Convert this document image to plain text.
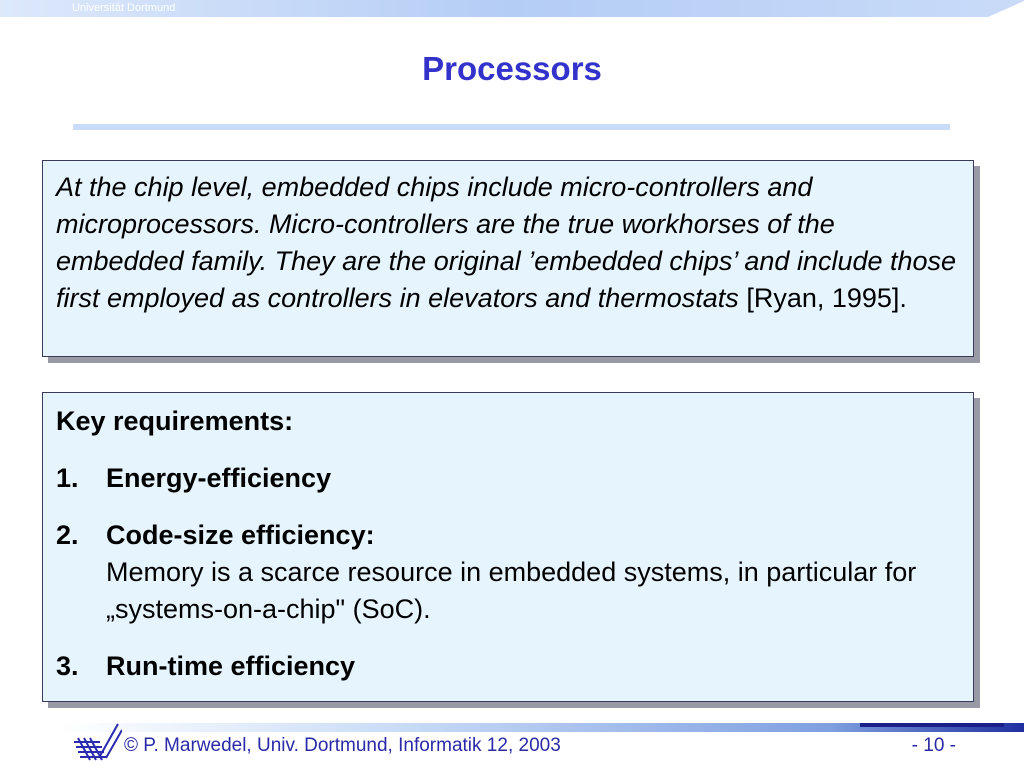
Universität Dortmund
Processors
At the chip level, embedded chips include micro-controllers and microprocessors. Micro-controllers are the true workhorses of the embedded family. They are the original ’embedded chips’ and include those first employed as controllers in elevators and thermostats [Ryan, 1995].
Key requirements:
1.	Energy-efficiency
2.	Code-size efficiency:
Memory is a scarce resource in embedded systems, in particular for „systems-on-a-chip" (SoC).
3.	Run-time efficiency
© P. Marwedel, Univ. Dortmund, Informatik 12, 2003	- 10 -
